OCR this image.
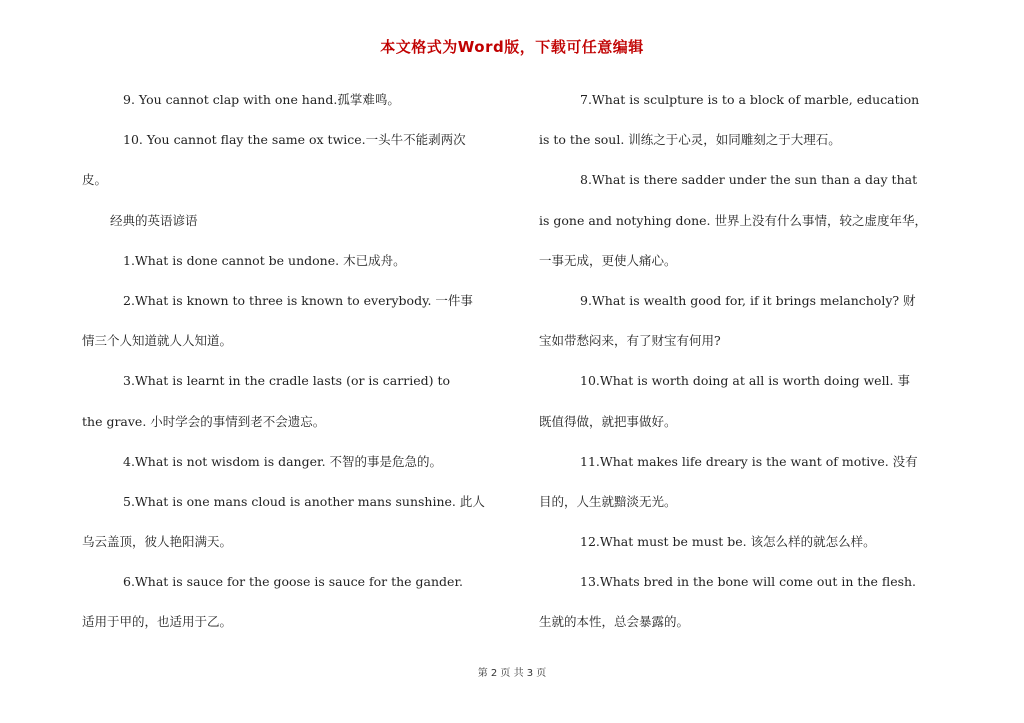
本文格式为Word版，下载可任意编辑
9. You cannot clap with one hand.孤掌难鸣。
10. You cannot flay the same ox twice.一头牛不能剥两次
皮。
经典的英语谚语
1.What is done cannot be undone. 木已成舟。
2.What is known to three is known to everybody. 一件事
情三个人知道就人人知道。
3.What is learnt in the cradle lasts (or is carried) to
the grave. 小时学会的事情到老不会遗忘。
4.What is not wisdom is danger. 不智的事是危急的。
5.What is one mans cloud is another mans sunshine. 此人
乌云盖顶，彼人艳阳满天。
6.What is sauce for the goose is sauce for the gander.
适用于甲的，也适用于乙。
7.What is sculpture is to a block of marble, education
is to the soul. 训练之于心灵，如同雕刻之于大理石。
8.What is there sadder under the sun than a day that
is gone and notyhing done. 世界上没有什么事情，较之虚度年华，
一事无成，更使人痛心。
9.What is wealth good for, if it brings melancholy? 财
宝如带愁闷来，有了财宝有何用?
10.What is worth doing at all is worth doing well. 事
既值得做，就把事做好。
11.What makes life dreary is the want of motive. 没有
目的，人生就黯淡无光。
12.What must be must be. 该怎么样的就怎么样。
13.Whats bred in the bone will come out in the flesh.
生就的本性，总会暴露的。
第 2 页 共 3 页
